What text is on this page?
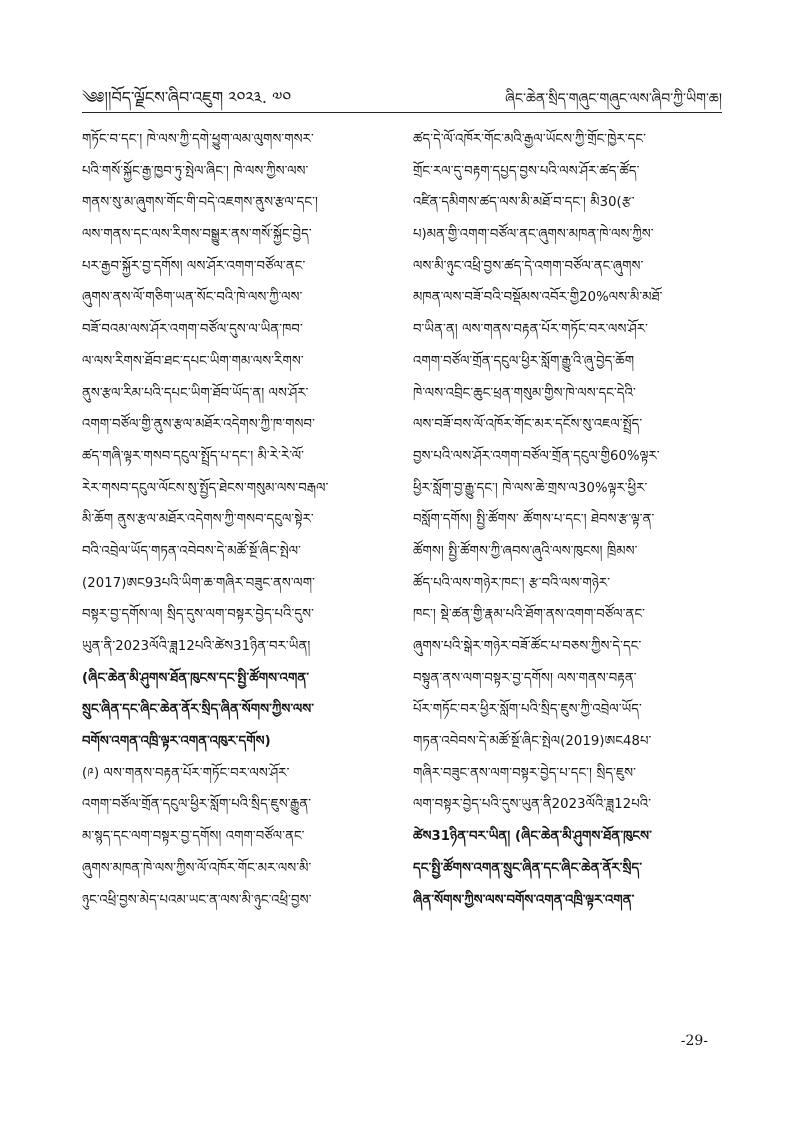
༄༅།།བོད་ལྗོངས་ཞིབ་འཇུག ༢༠༢༣. ༧༠	ཞིང་ཆེན་སྲིད་གཞུང་གཞུང་ལས་ཞིབ་ཀྱི་ཡིག་ཆ།
གཏོང་བ་དང་། ཁེ་ལས་ཀྱི་དགེ་ཕྱུག་ལམ་ལུགས་གསར་
པའི་གསོ་སྐྱོང་རྒྱ་ཁྱབ་ཏུ་སྤེལ་ཞིང་། ཁེ་ལས་ཀྱིས་ལས་
གནས་སུ་མ་ཞུགས་གོང་གི་བདེ་འཇགས་ནུས་རྩལ་དང་།
ལས་གནས་དང་ལས་རིགས་བསྒྱུར་ནས་གསོ་སྐྱོང་བྱེད་
པར་རྒྱབ་སྐྱོར་བྱ་དགོས། ལས་ཤོར་འགག་བཙོལ་ནང་
ཞུགས་ནས་ལོ་གཅིག་ཡན་སོང་བའི་ཁེ་ལས་ཀྱི་ལས་
བཟོ་བའམ་ལས་ཤོར་འགག་བཙོལ་དུས་ལ་ཡིན་ཁབ་
ལ་ལས་རིགས་ཐོབ་ཐང་དཔང་ཡིག་གམ་ལས་རིགས་
ནུས་རྩལ་རིམ་པའི་དཔང་ཡིག་ཐོབ་ཡོད་ན། ལས་ཤོར་
འགག་བཙོལ་གྱི་ནུས་རྩལ་མཐོར་འདེགས་ཀྱི་ཁ་གསབ་
ཚད་གཞི་ལྟར་གསབ་དངུལ་སྤྲོད་པ་དང་། མི་རེ་རེ་ལོ་
རེར་གསབ་དངུལ་ལོངས་སུ་སྤྱོད་ཐེངས་གསུམ་ལས་བརྒལ་
མི་ཆོག ནུས་རྩལ་མཐོར་འདེགས་ཀྱི་གསབ་དངུལ་སྟེར་
བའི་འབྲེལ་ཡོད་གཏན་འབེབས་དེ་མཚོ་སྔོ་ཞིང་སྤེལ་
(2017)ཨང93པའི་ཡིག་ཆ་གཞིར་བཟུང་ནས་ལག་
བསྟར་བྱ་དགོས་ལ། སྲིད་དུས་ལག་བསྟར་བྱེད་པའི་དུས་
ཡུན་ནི་2023ལོའི་ཟླ12པའི་ཚེས31ཉིན་བར་ཡིན།
(ཞིང་ཆེན་མི་ཤུགས་ཐོན་ཁུངས་དང་སྤྱི་ཚོགས་འགན་
སྲུང་ཞིན་དང་ཞིང་ཆེན་ནོར་སྲིད་ཞིན་སོགས་ཀྱིས་ལས་
བགོས་འགན་འཁྲི་ལྟར་འགན་འཁུར་དགོས)
(༩) ལས་གནས་བརྟན་པོར་གཏོང་བར་ལས་ཤོར་
འགག་བཙོལ་གྲོན་དངུལ་ཕྱིར་སློག་པའི་སྲིད་ཇུས་རྒྱུན་
མ་སྙད་དང་ལག་བསྟར་བྱ་དགོས། འགག་བཙོལ་ནང་
ཞུགས་མཁན་ཁེ་ལས་ཀྱིས་ལོ་འཁོར་གོང་མར་ལས་མི་
ཉུང་འཕྲི་བྱས་མེད་པའམ་ཡང་ན་ལས་མི་ཉུང་འཕྲི་བྱས་
ཚད་དེ་ལོ་འཁོར་གོང་མའི་རྒྱལ་ཡོངས་ཀྱི་གྲོང་ཁྱེར་དང་
གྲོང་རལ་དུ་བརྟག་དཔྱད་བྱས་པའི་ལས་ཤོར་ཚད་ཚོད་
འཛིན་དམིགས་ཚད་ལས་མི་མཐོ་བ་དང་། མི30(རྩ་
པ)མན་གྱི་འགག་བཙོལ་ནང་ཞུགས་མཁན་ཁེ་ལས་ཀྱིས་
ལས་མི་ཉུང་འཕྲི་བྱས་ཚད་དེ་འགག་བཙོལ་ནང་ཞུགས་
མཁན་ལས་བཟོ་བའི་བསྡོམས་འབོར་གྱི20%ལས་མི་མཐོ་
བ་ཡིན་ན། ལས་གནས་བརྟན་པོར་གཏོང་བར་ལས་ཤོར་
འགག་བཙོལ་གྲོན་དངུལ་ཕྱིར་སློག་རྒྱུ་འི་ཞུ་བྱེད་ཆོག
ཁེ་ལས་འབྲིང་ཆུང་ཕྲན་གསུམ་གྱིས་ཁེ་ལས་དང་དེའི་
ལས་བཟོ་བས་ལོ་འཁོར་གོང་མར་དངོས་སུ་འཇལ་སྤྲོད་
བྱས་པའི་ལས་ཤོར་འགག་བཙོལ་གྲོན་དངུལ་གྱི60%ལྟར་
ཕྱིར་སློག་བྱ་རྒྱུ་དང་། ཁེ་ལས་ཆེ་གྲས་ལ30%ལྟར་ཕྱིར་
བསློག་དགོས། སྤྱི་ཚོགས་ ཚོགས་པ་དང་། ཐེབས་རྩ་ལྟ་ན་
ཚོགས། སྤྱི་ཚོགས་ཀྱི་ཞབས་ཞུའི་ལས་ཁུངས། ཁྲིམས་
ཚོད་པའི་ལས་གཉེར་ཁང་། རྩ་བའི་ལས་གཉེར་
ཁང་། སྡེ་ཚན་གྱི་རྣམ་པའི་ཐོག་ནས་འགག་བཙོལ་ནང་
ཞུགས་པའི་སྒེར་གཉེར་བཟོ་ཚོང་པ་བཅས་ཀྱིས་དེ་དང་
བསྟུན་ནས་ལག་བསྟར་བྱ་དགོས། ལས་གནས་བརྟན་
པོར་གཏོང་བར་ཕྱིར་སློག་པའི་སྲིད་ཇུས་ཀྱི་འབྲེལ་ཡོད་
གཏན་འབེབས་དེ་མཚོ་སྔོ་ཞིང་སྤེལ(2019)ཨང48པ་
གཞིར་བཟུང་ནས་ལག་བསྟར་བྱེད་པ་དང་། སྲིད་ཇུས་
ལག་བསྟར་བྱེད་པའི་དུས་ཡུན་ནི2023ལོའི་ཟླ12པའི་
ཚེས31ཉིན་བར་ཡིན། (ཞིང་ཆེན་མི་ཤུགས་ཐོན་ཁུངས་
དང་སྤྱི་ཚོགས་འགན་སྲུང་ཞིན་དང་ཞིང་ཆེན་ནོར་སྲིད་
ཞིན་སོགས་ཀྱིས་ལས་བགོས་འགན་འཁྲི་ལྟར་འགན་
-29-
